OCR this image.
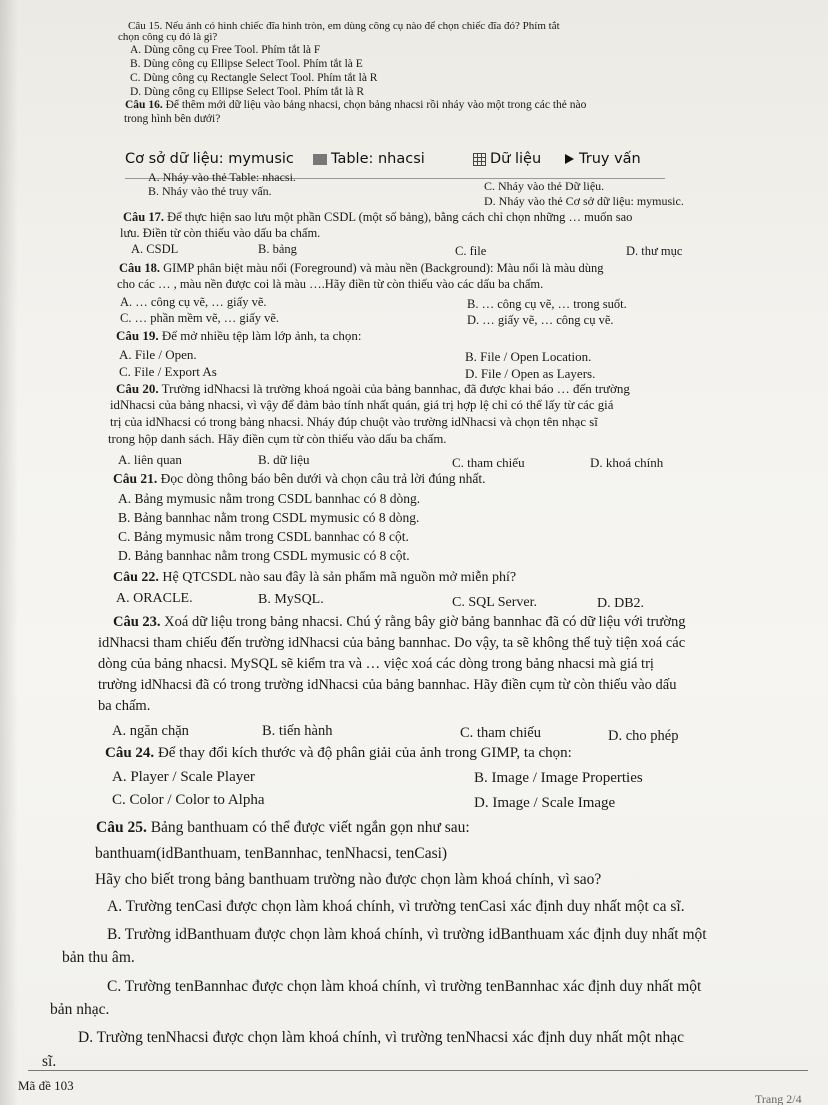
Câu 15. Nếu ảnh có hình chiếc đĩa hình tròn, em dùng công cụ nào để chọn chiếc đĩa đó? Phím tắt
chọn công cụ đó là gì?
A. Dùng công cụ Free Tool. Phím tắt là F
B. Dùng công cụ Ellipse Select Tool. Phím tắt là E
C. Dùng công cụ Rectangle Select Tool. Phím tắt là R
D. Dùng công cụ Ellipse Select Tool. Phím tắt là R
Câu 16. Để thêm mới dữ liệu vào bảng nhacsi, chọn bảng nhacsi rồi nháy vào một trong các thẻ nào
trong hình bên dưới?
Cơ sở dữ liệu: mymusic	Table: nhacsi	Dữ liệu	Truy vấn
A. Nháy vào thẻ Table: nhacsi.
C. Nháy vào thẻ Dữ liệu.
B. Nháy vào thẻ truy vấn.
D. Nháy vào thẻ Cơ sở dữ liệu: mymusic.
Câu 17. Để thực hiện sao lưu một phần CSDL (một số bảng), bằng cách chỉ chọn những … muốn sao
lưu. Điền từ còn thiếu vào dấu ba chấm.
A. CSDL	B. bảng	C. file	D. thư mục
Câu 18. GIMP phân biệt màu nổi (Foreground) và màu nền (Background): Màu nổi là màu dùng
cho các … , màu nền được coi là màu ….Hãy điền từ còn thiếu vào các dấu ba chấm.
A. … công cụ vẽ, … giấy vẽ.	B. … công cụ vẽ, … trong suốt.
C. … phần mềm vẽ, … giấy vẽ.	D. … giấy vẽ, … công cụ vẽ.
Câu 19. Để mở nhiều tệp làm lớp ảnh, ta chọn:
A. File / Open.	B. File / Open Location.
C. File / Export As	D. File / Open as Layers.
Câu 20. Trường idNhacsi là trường khoá ngoài của bảng bannhac, đã được khai báo … đến trường
idNhacsi của bảng nhacsi, vì vậy để đảm bảo tính nhất quán, giá trị hợp lệ chỉ có thể lấy từ các giá
trị của idNhacsi có trong bảng nhacsi. Nháy đúp chuột vào trường idNhacsi và chọn tên nhạc sĩ
trong hộp danh sách. Hãy điền cụm từ còn thiếu vào dấu ba chấm.
A. liên quan	B. dữ liệu	C. tham chiếu	D. khoá chính
Câu 21. Đọc dòng thông báo bên dưới và chọn câu trả lời đúng nhất.
A. Bảng mymusic nằm trong CSDL bannhac có 8 dòng.
B. Bảng bannhac nằm trong CSDL mymusic có 8 dòng.
C. Bảng mymusic nằm trong CSDL bannhac có 8 cột.
D. Bảng bannhac nằm trong CSDL mymusic có 8 cột.
Câu 22. Hệ QTCSDL nào sau đây là sản phẩm mã nguồn mở miễn phí?
A. ORACLE.	B. MySQL.	C. SQL Server.	D. DB2.
Câu 23. Xoá dữ liệu trong bảng nhacsi. Chú ý rằng bây giờ bảng bannhac đã có dữ liệu với trường
idNhacsi tham chiếu đến trường idNhacsi của bảng bannhac. Do vậy, ta sẽ không thể tuỳ tiện xoá các
dòng của bảng nhacsi. MySQL sẽ kiểm tra và … việc xoá các dòng trong bảng nhacsi mà giá trị
trường idNhacsi đã có trong trường idNhacsi của bảng bannhac. Hãy điền cụm từ còn thiếu vào dấu
ba chấm.
A. ngăn chặn	B. tiến hành	C. tham chiếu	D. cho phép
Câu 24. Để thay đổi kích thước và độ phân giải của ảnh trong GIMP, ta chọn:
A. Player / Scale Player	B. Image / Image Properties
C. Color / Color to Alpha	D. Image / Scale Image
Câu 25. Bảng banthuam có thể được viết ngắn gọn như sau:
banthuam(idBanthuam, tenBannhac, tenNhacsi, tenCasi)
Hãy cho biết trong bảng banthuam trường nào được chọn làm khoá chính, vì sao?
A. Trường tenCasi được chọn làm khoá chính, vì trường tenCasi xác định duy nhất một ca sĩ.
B. Trường idBanthuam được chọn làm khoá chính, vì trường idBanthuam xác định duy nhất một
bản thu âm.
C. Trường tenBannhac được chọn làm khoá chính, vì trường tenBannhac xác định duy nhất một
bản nhạc.
D. Trường tenNhacsi được chọn làm khoá chính, vì trường tenNhacsi xác định duy nhất một nhạc
sĩ.
Mã đề 103
Trang 2/4
